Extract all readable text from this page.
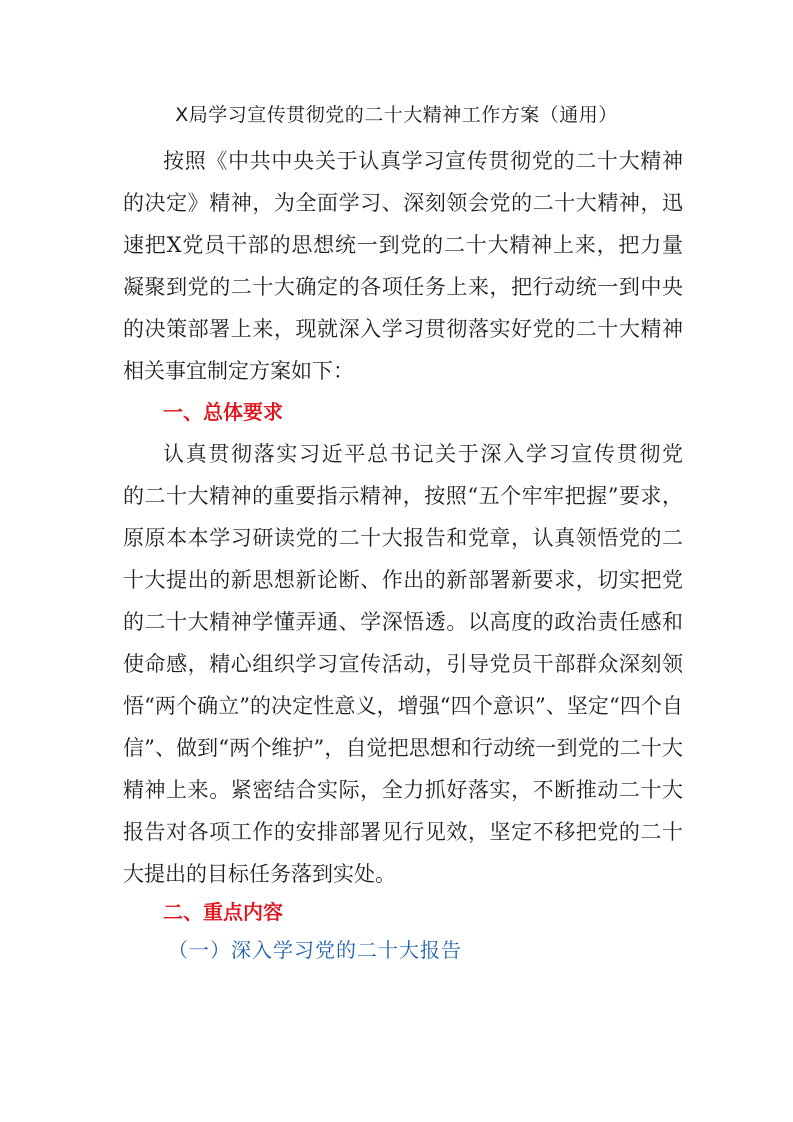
X局学习宣传贯彻党的二十大精神工作方案（通用）
按照《中共中央关于认真学习宣传贯彻党的二十大精神
的决定》精神，为全面学习、深刻领会党的二十大精神，迅
速把X党员干部的思想统一到党的二十大精神上来，把力量
凝聚到党的二十大确定的各项任务上来，把行动统一到中央
的决策部署上来，现就深入学习贯彻落实好党的二十大精神
相关事宜制定方案如下：
一、总体要求
认真贯彻落实习近平总书记关于深入学习宣传贯彻党
的二十大精神的重要指示精神，按照“五个牢牢把握”要求，
原原本本学习研读党的二十大报告和党章，认真领悟党的二
十大提出的新思想新论断、作出的新部署新要求，切实把党
的二十大精神学懂弄通、学深悟透。以高度的政治责任感和
使命感，精心组织学习宣传活动，引导党员干部群众深刻领
悟“两个确立”的决定性意义，增强“四个意识”、坚定“四个自
信”、做到“两个维护”，自觉把思想和行动统一到党的二十大
精神上来。紧密结合实际，全力抓好落实，不断推动二十大
报告对各项工作的安排部署见行见效，坚定不移把党的二十
大提出的目标任务落到实处。
二、重点内容
（一）深入学习党的二十大报告
